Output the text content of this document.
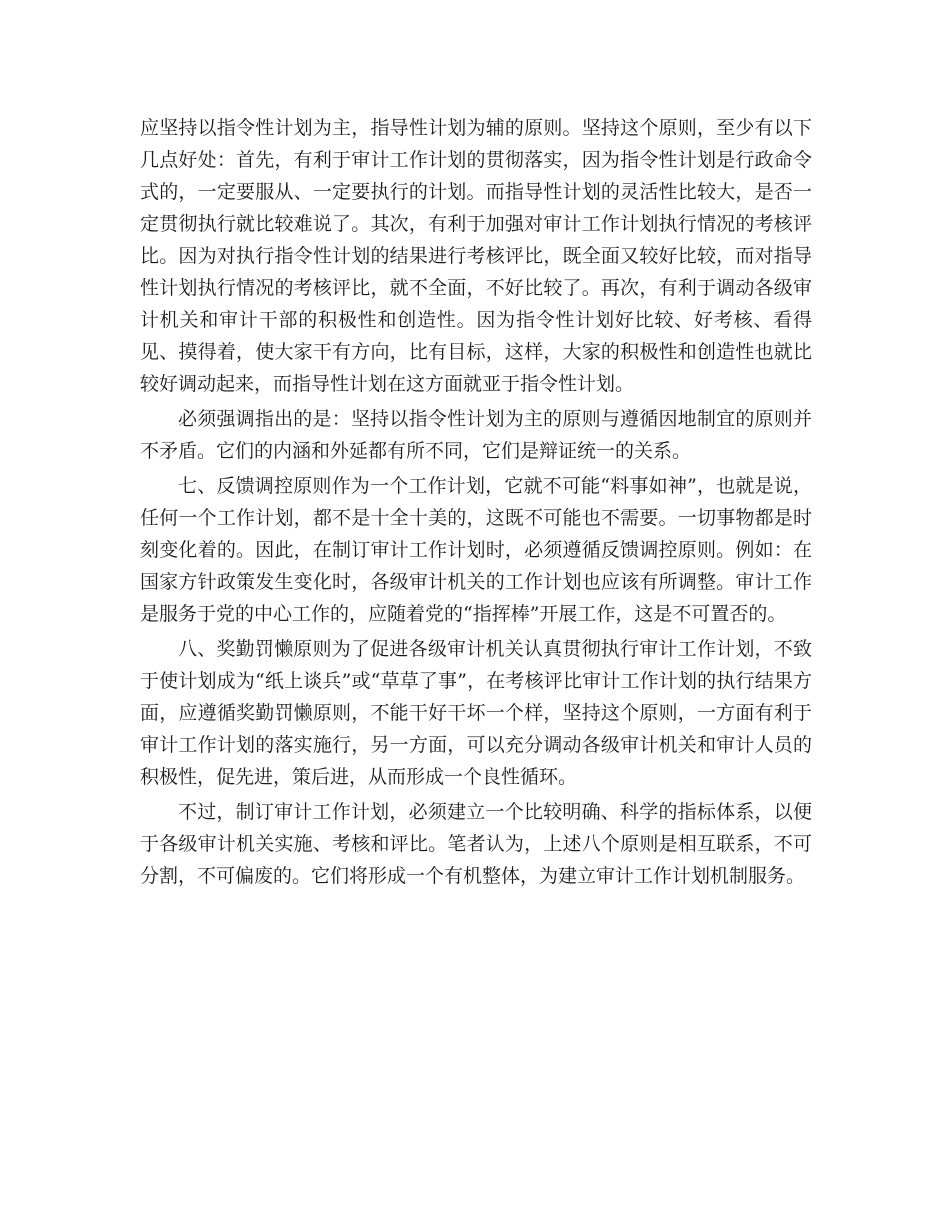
应坚持以指令性计划为主，指导性计划为辅的原则。坚持这个原则，至少有以下几点好处：首先，有利于审计工作计划的贯彻落实，因为指令性计划是行政命令式的，一定要服从、一定要执行的计划。而指导性计划的灵活性比较大，是否一定贯彻执行就比较难说了。其次，有利于加强对审计工作计划执行情况的考核评比。因为对执行指令性计划的结果进行考核评比，既全面又较好比较，而对指导性计划执行情况的考核评比，就不全面，不好比较了。再次，有利于调动各级审计机关和审计干部的积极性和创造性。因为指令性计划好比较、好考核、看得见、摸得着，使大家干有方向，比有目标，这样，大家的积极性和创造性也就比较好调动起来，而指导性计划在这方面就亚于指令性计划。

必须强调指出的是：坚持以指令性计划为主的原则与遵循因地制宜的原则并不矛盾。它们的内涵和外延都有所不同，它们是辩证统一的关系。

七、反馈调控原则作为一个工作计划，它就不可能“料事如神”，也就是说，任何一个工作计划，都不是十全十美的，这既不可能也不需要。一切事物都是时刻变化着的。因此，在制订审计工作计划时，必须遵循反馈调控原则。例如：在国家方针政策发生变化时，各级审计机关的工作计划也应该有所调整。审计工作是服务于党的中心工作的，应随着党的“指挥棒”开展工作，这是不可置否的。

八、奖勤罚懒原则为了促进各级审计机关认真贯彻执行审计工作计划，不致于使计划成为“纸上谈兵”或“草草了事”，在考核评比审计工作计划的执行结果方面，应遵循奖勤罚懒原则，不能干好干坏一个样，坚持这个原则，一方面有利于审计工作计划的落实施行，另一方面，可以充分调动各级审计机关和审计人员的积极性，促先进，策后进，从而形成一个良性循环。

不过，制订审计工作计划，必须建立一个比较明确、科学的指标体系，以便于各级审计机关实施、考核和评比。笔者认为，上述八个原则是相互联系，不可分割，不可偏废的。它们将形成一个有机整体，为建立审计工作计划机制服务。
